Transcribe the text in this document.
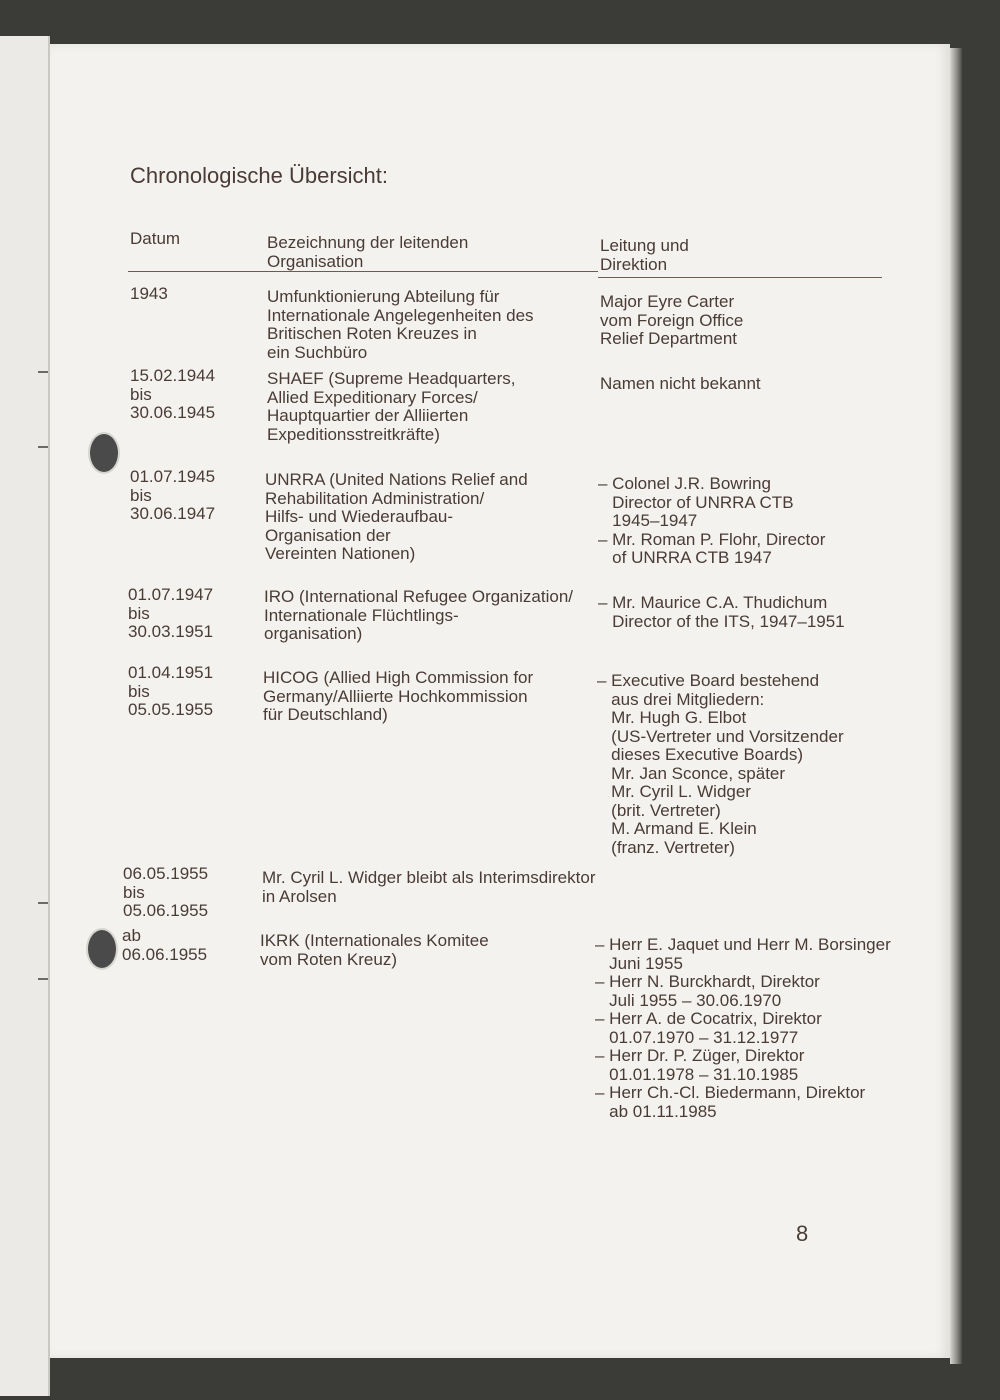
Chronologische Übersicht:
Datum	Bezeichnung der leitenden
Organisation
Leitung und
Direktion
1943	Umfunktionierung Abteilung für
Internationale Angelegenheiten des
Britischen Roten Kreuzes in
ein Suchbüro
Major Eyre Carter
vom Foreign Office
Relief Department
15.02.1944
bis
30.06.1945
SHAEF (Supreme Headquarters,
Allied Expeditionary Forces/
Hauptquartier der Alliierten
Expeditionsstreitkräfte)
Namen nicht bekannt
01.07.1945
bis
30.06.1947
UNRRA (United Nations Relief and
Rehabilitation Administration/
Hilfs- und Wiederaufbau-
Organisation der
Vereinten Nationen)
– Colonel J.R. Bowring
Director of UNRRA CTB
1945–1947
– Mr. Roman P. Flohr, Director
of UNRRA CTB 1947
01.07.1947
bis
30.03.1951
IRO (International Refugee Organization/
Internationale Flüchtlings-
organisation)
– Mr. Maurice C.A. Thudichum
Director of the ITS, 1947–1951
01.04.1951
bis
05.05.1955
HICOG (Allied High Commission for
Germany/Alliierte Hochkommission
für Deutschland)
– Executive Board bestehend
aus drei Mitgliedern:
Mr. Hugh G. Elbot
(US-Vertreter und Vorsitzender
dieses Executive Boards)
Mr. Jan Sconce, später
Mr. Cyril L. Widger
(brit. Vertreter)
M. Armand E. Klein
(franz. Vertreter)
06.05.1955
bis
05.06.1955
Mr. Cyril L. Widger bleibt als Interimsdirektor
in Arolsen
ab
06.06.1955
IKRK (Internationales Komitee
vom Roten Kreuz)
– Herr E. Jaquet und Herr M. Borsinger
Juni 1955
– Herr N. Burckhardt, Direktor
Juli 1955 – 30.06.1970
– Herr A. de Cocatrix, Direktor
01.07.1970 – 31.12.1977
– Herr Dr. P. Züger, Direktor
01.01.1978 – 31.10.1985
– Herr Ch.-Cl. Biedermann, Direktor
ab 01.11.1985
8
